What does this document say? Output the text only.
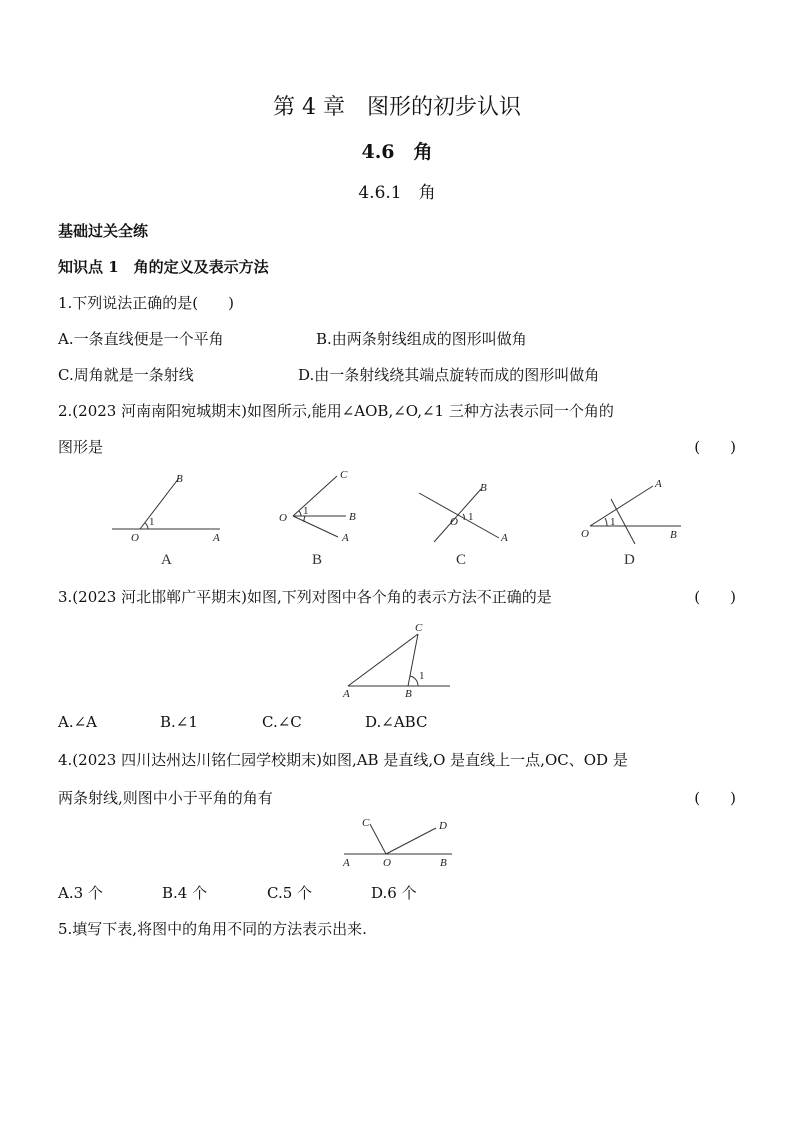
第 4 章　图形的初步认识
4.6　角
4.6.1　角
基础过关全练
知识点 1　角的定义及表示方法
1.下列说法正确的是(　　)
A.一条直线便是一个平角	B.由两条射线组成的图形叫做角
C.周角就是一条射线	D.由一条射线绕其端点旋转而成的图形叫做角
2.(2023 河南南阳宛城期末)如图所示,能用∠AOB,∠O,∠1 三种方法表示同一个角的
图形是	(　　)
B
1
O	A
A
C
1
O	B
A
B
B
1
O
A
C
A
1
O	B
D
3.(2023 河北邯郸广平期末)如图,下列对图中各个角的表示方法不正确的是	(　　)
C
1
A	B
A.∠A	B.∠1	C.∠C	D.∠ABC
4.(2023 四川达州达川铭仁园学校期末)如图,AB 是直线,O 是直线上一点,OC、OD 是
两条射线,则图中小于平角的角有	(　　)
C	D
A	O	B
A.3 个	B.4 个	C.5 个	D.6 个
5.填写下表,将图中的角用不同的方法表示出来.
